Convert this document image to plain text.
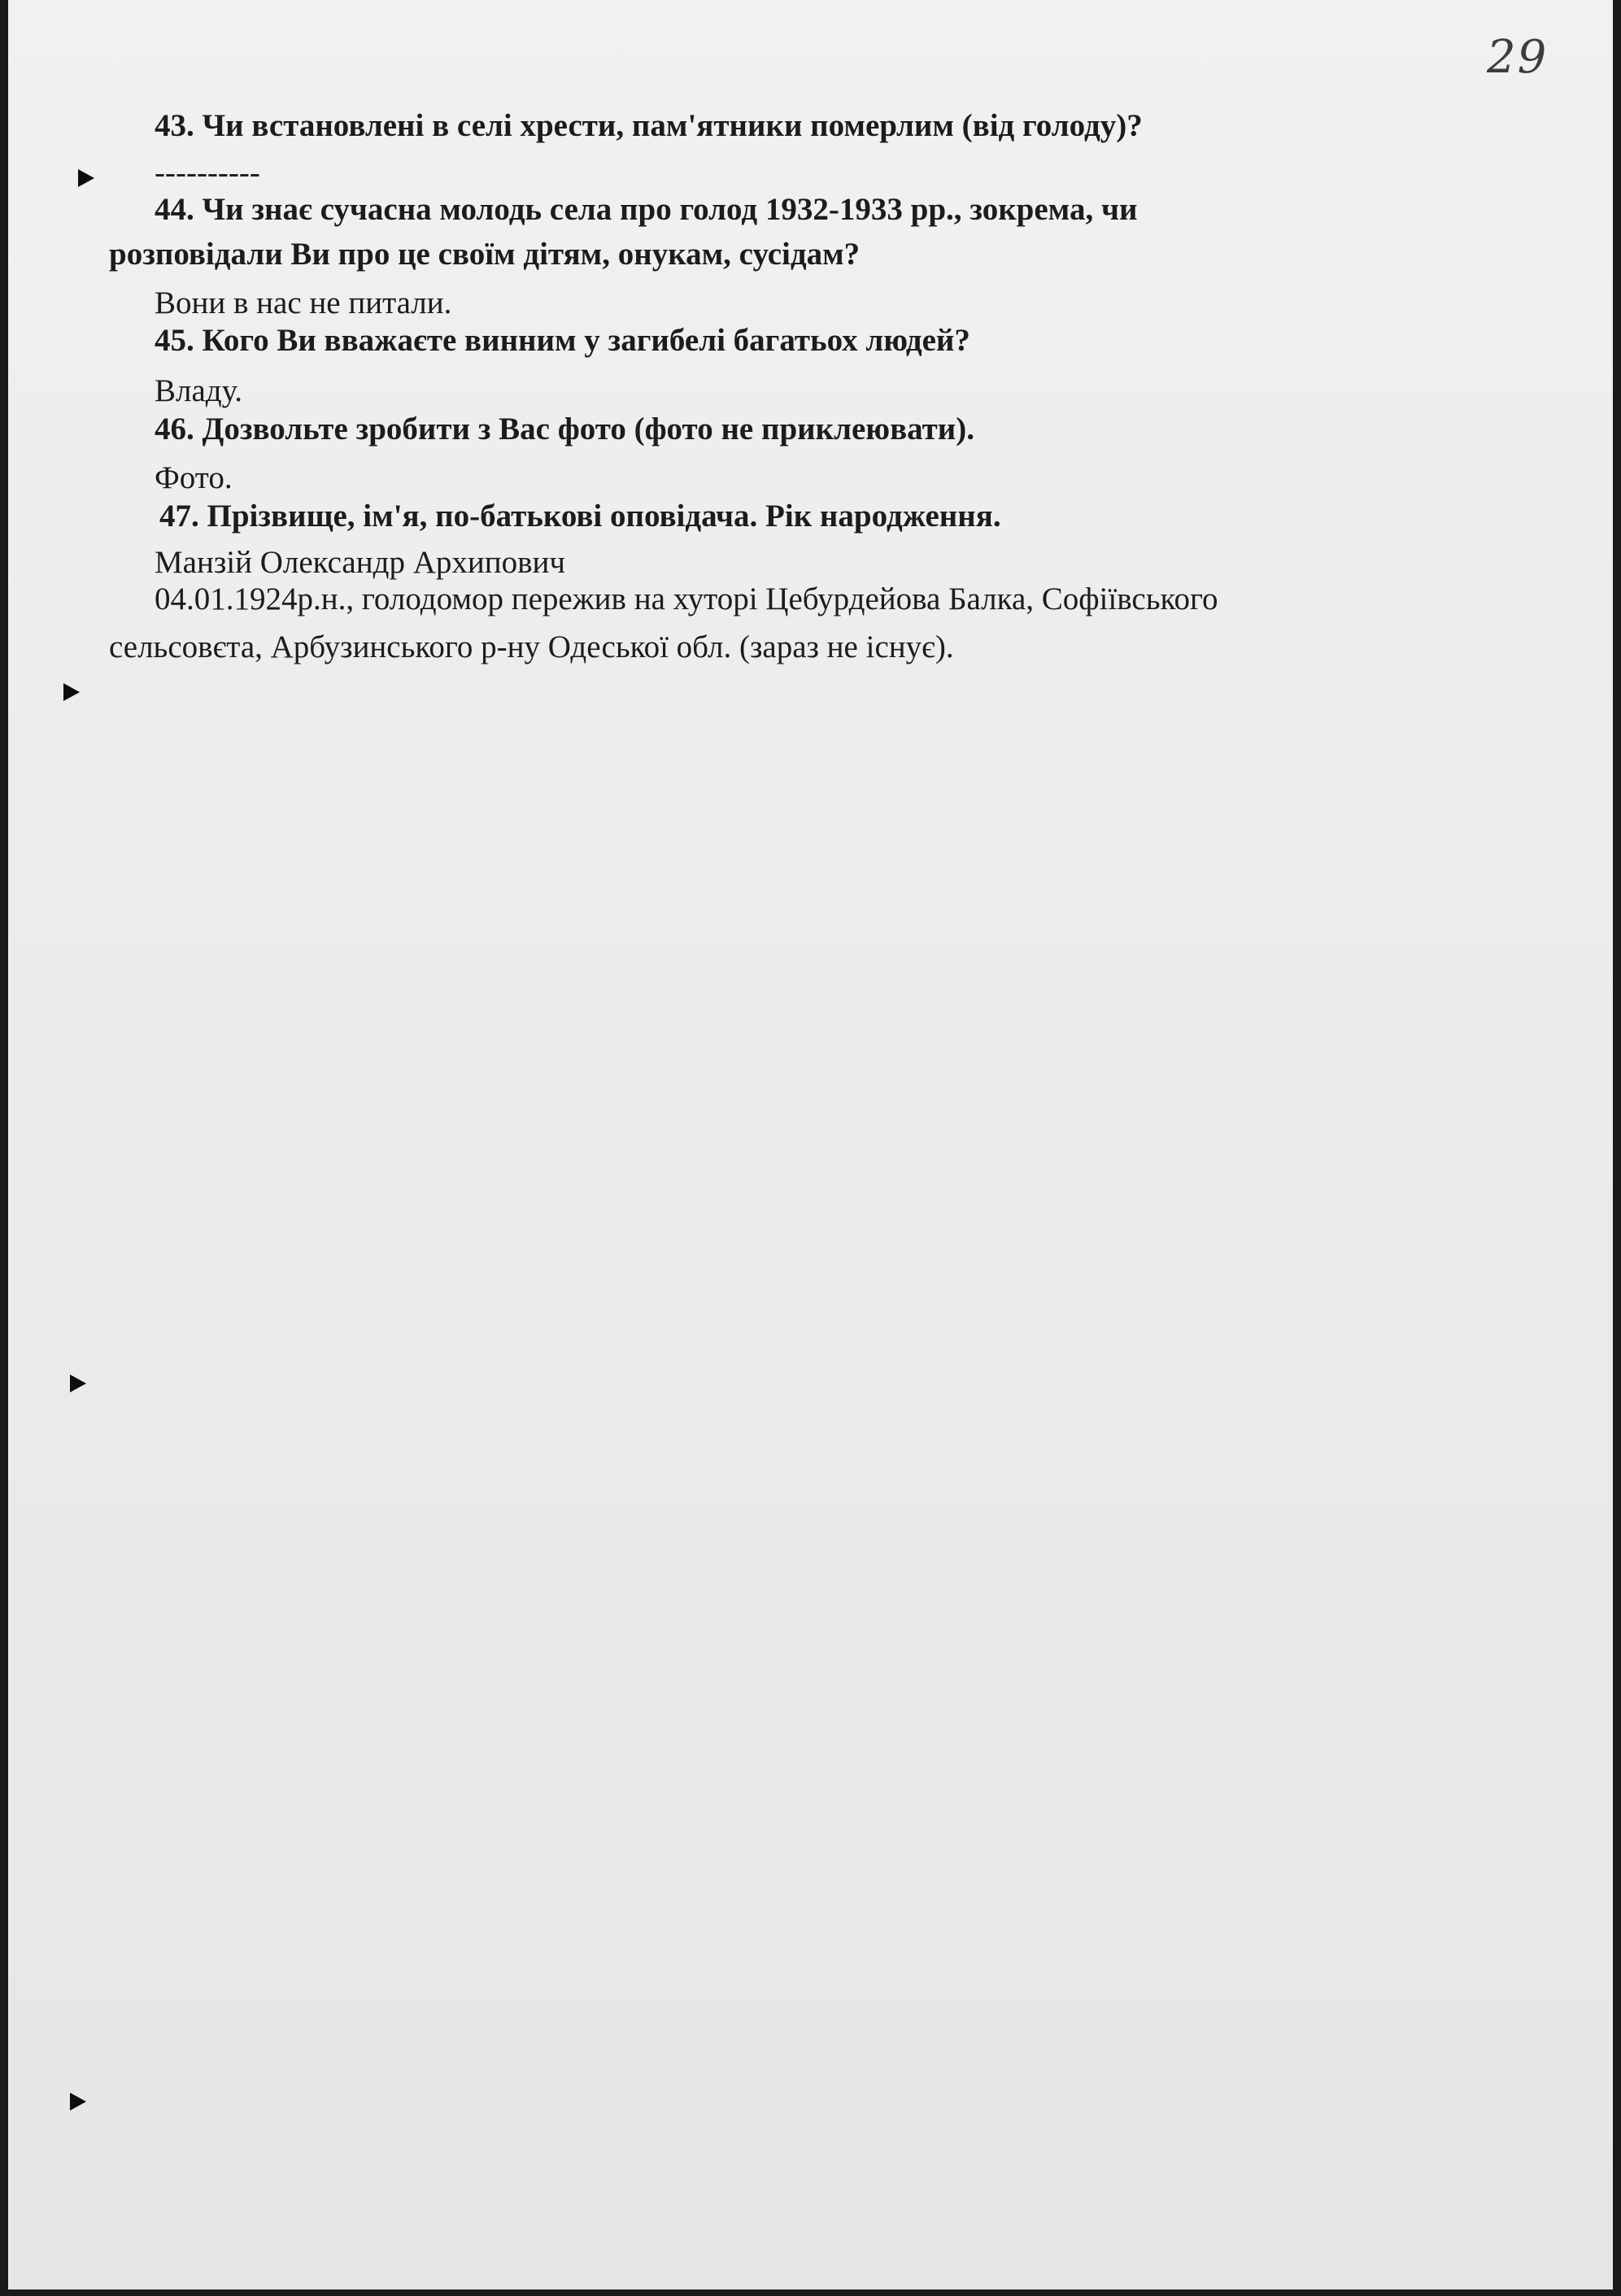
29
43. Чи встановлені в селі хрести, пам'ятники померлим (від голоду)?
----------
44. Чи знає сучасна молодь села про голод 1932-1933 рр., зокрема, чи
розповідали Ви про це своїм дітям, онукам, сусідам?
Вони в нас не питали.
45. Кого Ви вважаєте винним у загибелі багатьох людей?
Владу.
46. Дозвольте зробити з Вас фото (фото не приклеювати).
Фото.
47. Прізвище, ім'я, по-батькові оповідача. Рік народження.
Манзій Олександр Архипович
04.01.1924р.н., голодомор пережив на хуторі Цебурдейова Балка, Софіївського
сельсовєта, Арбузинського р-ну Одеської обл. (зараз не існує).
